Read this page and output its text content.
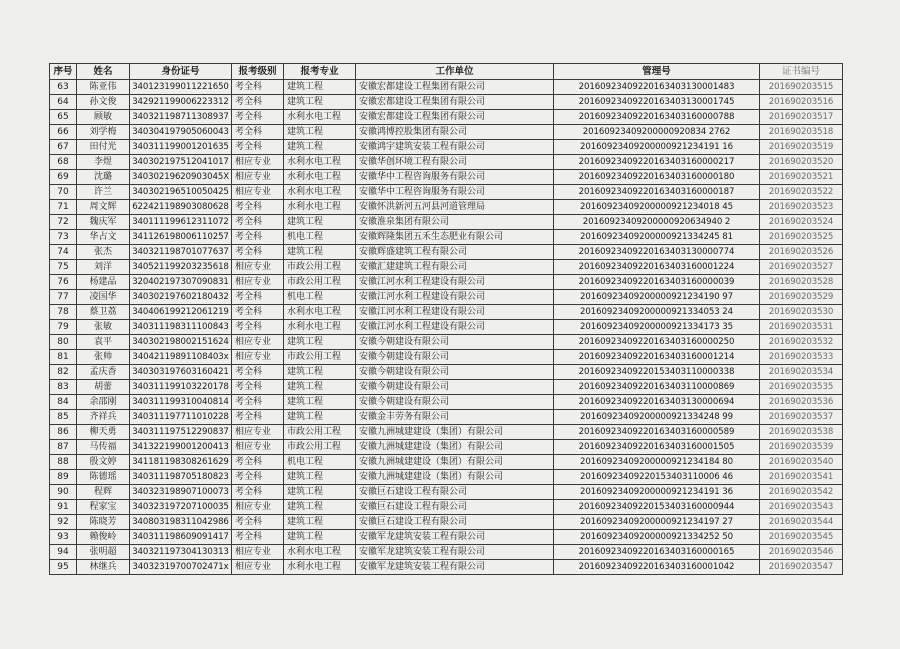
序号	姓名	身份证号	报考级别	报考专业	工作单位	管理号	证书编号
63	陈亚伟	340123199011221650	考全科	建筑工程	安徽宏都建设工程集团有限公司	20160923409220163403130001483	201690203515
64	孙文俊	342921199006223312	考全科	建筑工程	安徽宏都建设工程集团有限公司	20160923409220163403130001745	201690203516
65	顾敏	340321198711308937	考全科	水利水电工程	安徽宏都建设工程集团有限公司	20160923409220163403160000788	201690203517
66	刘学梅	340304197905060043	考全科	建筑工程	安徽鸿博控股集团有限公司	20160923409200000920834 2762	201690203518
67	田付光	340311199001201635	考全科	建筑工程	安徽鸿宇建筑安装工程有限公司	20160923409200000921234191 16	201690203519
68	李煜	340302197512041017	相应专业	水利水电工程	安徽华创环境工程有限公司	20160923409220163403160000217	201690203520
69	沈璐	34030219620903045X	相应专业	水利水电工程	安徽华中工程咨询服务有限公司	20160923409220163403160000180	201690203521
70	许兰	340302196510050425	相应专业	水利水电工程	安徽华中工程咨询服务有限公司	20160923409220163403160000187	201690203522
71	周文辉	622421198903080628	考全科	水利水电工程	安徽怀洪新河五河县河道管理局	20160923409200000921234018 45	201690203523
72	魏庆军	340111199612311072	考全科	建筑工程	安徽淮泉集团有限公司	20160923409200000920634940 2	201690203524
73	华占文	341126198006110257	考全科	机电工程	安徽辉隆集团五禾生态肥业有限公司	20160923409200000921334245 81	201690203525
74	张杰	340321198701077637	考全科	建筑工程	安徽辉盛建筑工程有限公司	20160923409220163403130000774	201690203526
75	刘洋	340521199203235618	相应专业	市政公用工程	安徽汇建建筑工程有限公司	20160923409220163403160001224	201690203527
76	杨建品	320402197307090831	相应专业	市政公用工程	安徽江河水利工程建设有限公司	20160923409220163403160000039	201690203528
77	凌国华	340302197602180432	考全科	机电工程	安徽江河水利工程建设有限公司	20160923409200000921234190 97	201690203529
78	蔡卫荔	340406199212061219	考全科	水利水电工程	安徽江河水利工程建设有限公司	20160923409200000921334053 24	201690203530
79	张敏	340311198311100843	考全科	水利水电工程	安徽江河水利工程建设有限公司	20160923409200000921334173 35	201690203531
80	袁平	340302198002151624	相应专业	建筑工程	安徽今朝建设有限公司	20160923409220163403160000250	201690203532
81	张帅	34042119891108403x	相应专业	市政公用工程	安徽今朝建设有限公司	20160923409220163403160001214	201690203533
82	孟庆香	340303197603160421	考全科	建筑工程	安徽今朝建设有限公司	20160923409220153403110000338	201690203534
83	胡蕾	340311199103220178	考全科	建筑工程	安徽今朝建设有限公司	20160923409220163403110000869	201690203535
84	余邵刚	340311199310040814	考全科	建筑工程	安徽今朝建设有限公司	20160923409220163403130000694	201690203536
85	齐祥兵	340311197711010228	考全科	建筑工程	安徽金丰劳务有限公司	20160923409200000921334248 99	201690203537
86	柳天勇	340311197512290837	相应专业	市政公用工程	安徽九洲城建建设（集团）有限公司	20160923409220163403160000589	201690203538
87	马传福	341322199001200413	相应专业	市政公用工程	安徽九洲城建建设（集团）有限公司	20160923409220163403160001505	201690203539
88	殷文婷	341181198308261629	考全科	机电工程	安徽九洲城建建设（集团）有限公司	20160923409200000921234184 80	201690203540
89	陈德瑶	340311198705180823	考全科	建筑工程	安徽九洲城建建设（集团）有限公司	20160923409220153403110006 46	201690203541
90	程辉	340323198907100073	考全科	建筑工程	安徽巨石建设工程有限公司	20160923409200000921234191 36	201690203542
91	程家宝	340323197207100035	相应专业	建筑工程	安徽巨石建设工程有限公司	20160923409220153403160000944	201690203543
92	陈晓芳	340803198311042986	考全科	建筑工程	安徽巨石建设工程有限公司	20160923409200000921234197 27	201690203544
93	赖俊岭	340311198609091417	考全科	建筑工程	安徽军龙建筑安装工程有限公司	20160923409200000921334252 50	201690203545
94	张明超	340321197304130313	相应专业	水利水电工程	安徽军龙建筑安装工程有限公司	20160923409220163403160000165	201690203546
95	林继兵	34032319700702471x	相应专业	水利水电工程	安徽军龙建筑安装工程有限公司	20160923409220163403160001042	201690203547
